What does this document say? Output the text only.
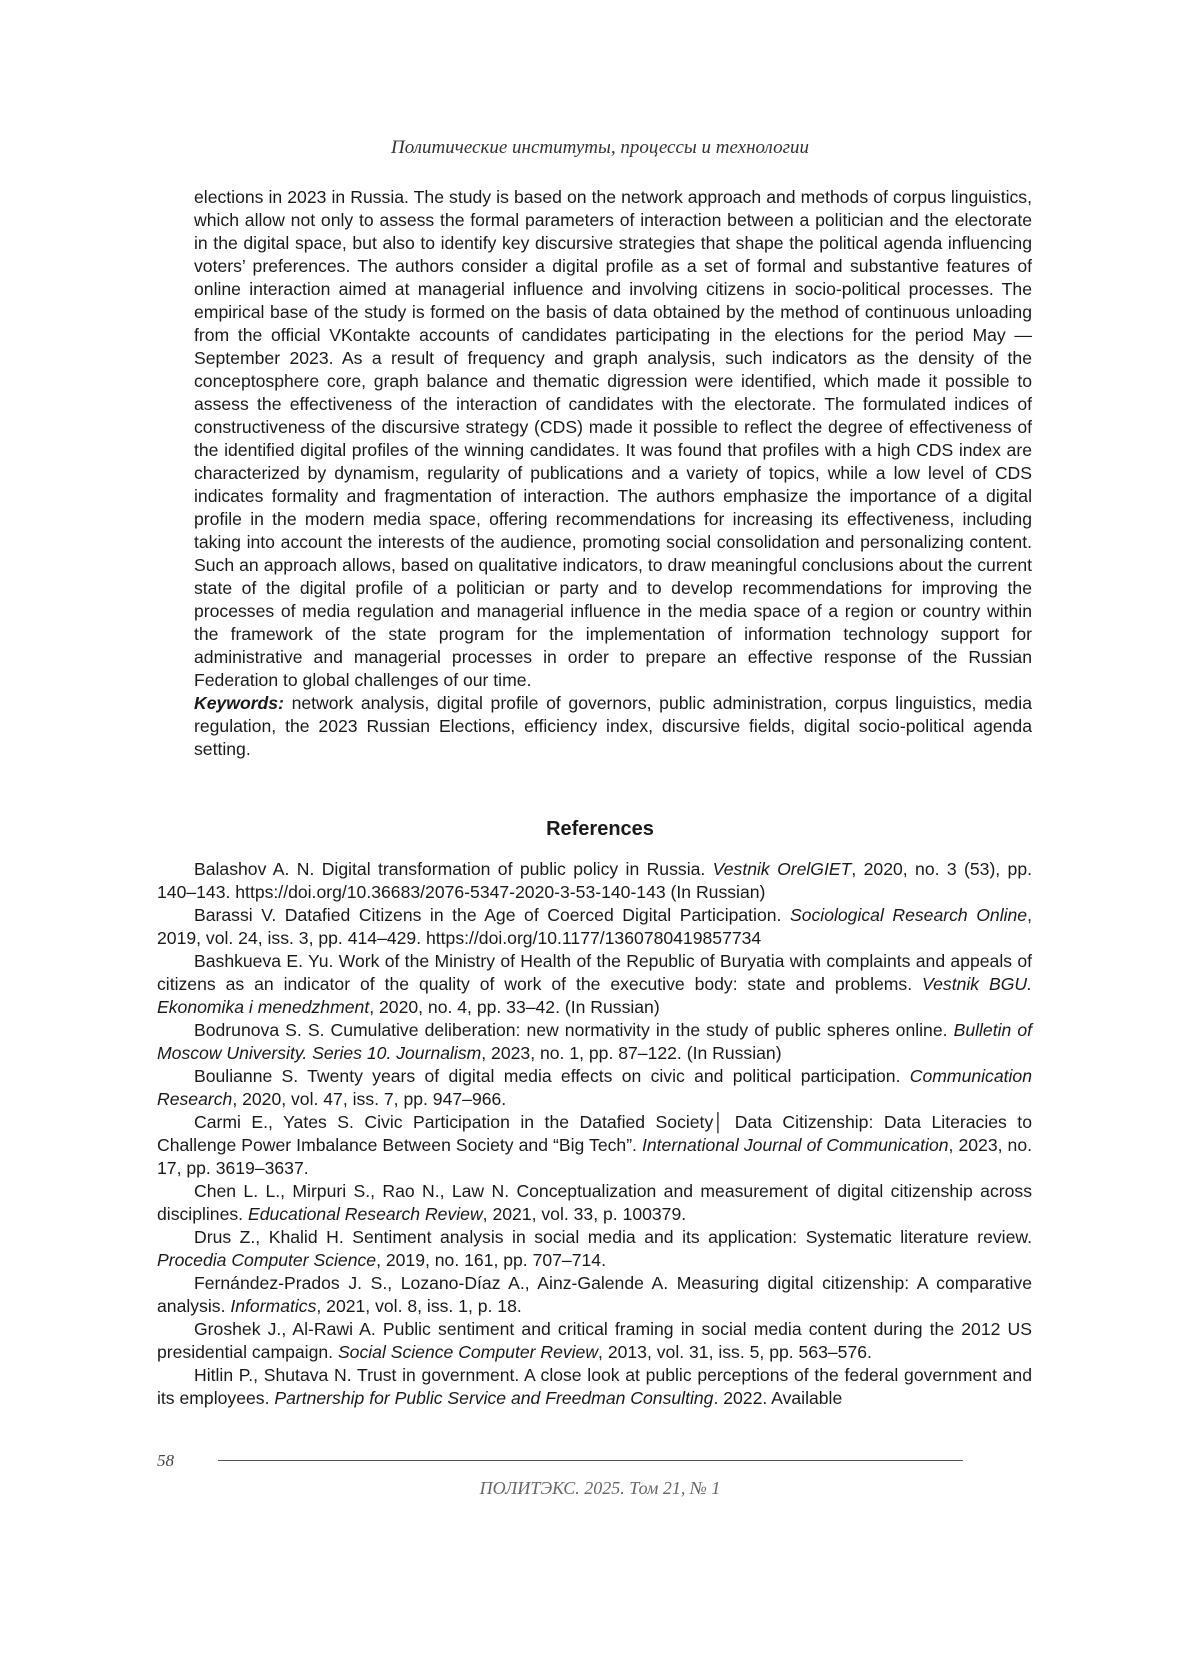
Политические институты, процессы и технологии

elections in 2023 in Russia. The study is based on the network approach and methods of corpus linguistics, which allow not only to assess the formal parameters of interaction between a politician and the electorate in the digital space, but also to identify key discursive strategies that shape the political agenda influencing voters’ preferences. The authors consider a digital profile as a set of formal and substantive features of online interaction aimed at managerial influence and involving citizens in socio-political processes. The empirical base of the study is formed on the basis of data obtained by the method of continuous unloading from the official VKontakte accounts of candidates participating in the elections for the period May — September 2023. As a result of frequency and graph analysis, such indicators as the density of the conceptosphere core, graph balance and thematic digression were identified, which made it possible to assess the effectiveness of the interaction of candidates with the electorate. The formulated indices of constructiveness of the discursive strategy (CDS) made it possible to reflect the degree of effectiveness of the identified digital profiles of the winning candidates. It was found that profiles with a high CDS index are characterized by dynamism, regularity of publications and a variety of topics, while a low level of CDS indicates formality and fragmentation of interaction. The authors emphasize the importance of a digital profile in the modern media space, offering recommendations for increasing its effectiveness, including taking into account the interests of the audience, promoting social consolidation and personalizing content. Such an approach allows, based on qualitative indicators, to draw meaningful conclusions about the current state of the digital profile of a politician or party and to develop recommendations for improving the processes of media regulation and managerial influence in the media space of a region or country within the framework of the state program for the implementation of information technology support for administrative and managerial processes in order to prepare an effective response of the Russian Federation to global challenges of our time.

Keywords: network analysis, digital profile of governors, public administration, corpus linguistics, media regulation, the 2023 Russian Elections, efficiency index, discursive fields, digital socio-political agenda setting.

References

Balashov A. N. Digital transformation of public policy in Russia. Vestnik OrelGIET, 2020, no. 3 (53), pp. 140–143. https://doi.org/10.36683/2076-5347-2020-3-53-140-143 (In Russian)

Barassi V. Datafied Citizens in the Age of Coerced Digital Participation. Sociological Research Online, 2019, vol. 24, iss. 3, pp. 414–429. https://doi.org/10.1177/1360780419857734

Bashkueva E. Yu. Work of the Ministry of Health of the Republic of Buryatia with complaints and appeals of citizens as an indicator of the quality of work of the executive body: state and problems. Vestnik BGU. Ekonomika i menedzhment, 2020, no. 4, pp. 33–42. (In Russian)

Bodrunova S. S. Cumulative deliberation: new normativity in the study of public spheres online. Bulletin of Moscow University. Series 10. Journalism, 2023, no. 1, pp. 87–122. (In Russian)

Boulianne S. Twenty years of digital media effects on civic and political participation. Communication Research, 2020, vol. 47, iss. 7, pp. 947–966.

Carmi E., Yates S. Civic Participation in the Datafied Society│ Data Citizenship: Data Literacies to Challenge Power Imbalance Between Society and “Big Tech”. International Journal of Communication, 2023, no. 17, pp. 3619–3637.

Chen L. L., Mirpuri S., Rao N., Law N. Conceptualization and measurement of digital citizenship across disciplines. Educational Research Review, 2021, vol. 33, p. 100379.

Drus Z., Khalid H. Sentiment analysis in social media and its application: Systematic literature review. Procedia Computer Science, 2019, no. 161, pp. 707–714.

Fernández-Prados J. S., Lozano-Díaz A., Ainz-Galende A. Measuring digital citizenship: A comparative analysis. Informatics, 2021, vol. 8, iss. 1, p. 18.

Groshek J., Al-Rawi A. Public sentiment and critical framing in social media content during the 2012 US presidential campaign. Social Science Computer Review, 2013, vol. 31, iss. 5, pp. 563–576.

Hitlin P., Shutava N. Trust in government. A close look at public perceptions of the federal government and its employees. Partnership for Public Service and Freedman Consulting. 2022. Available

58
ПОЛИТЭКС. 2025. Том 21, № 1
